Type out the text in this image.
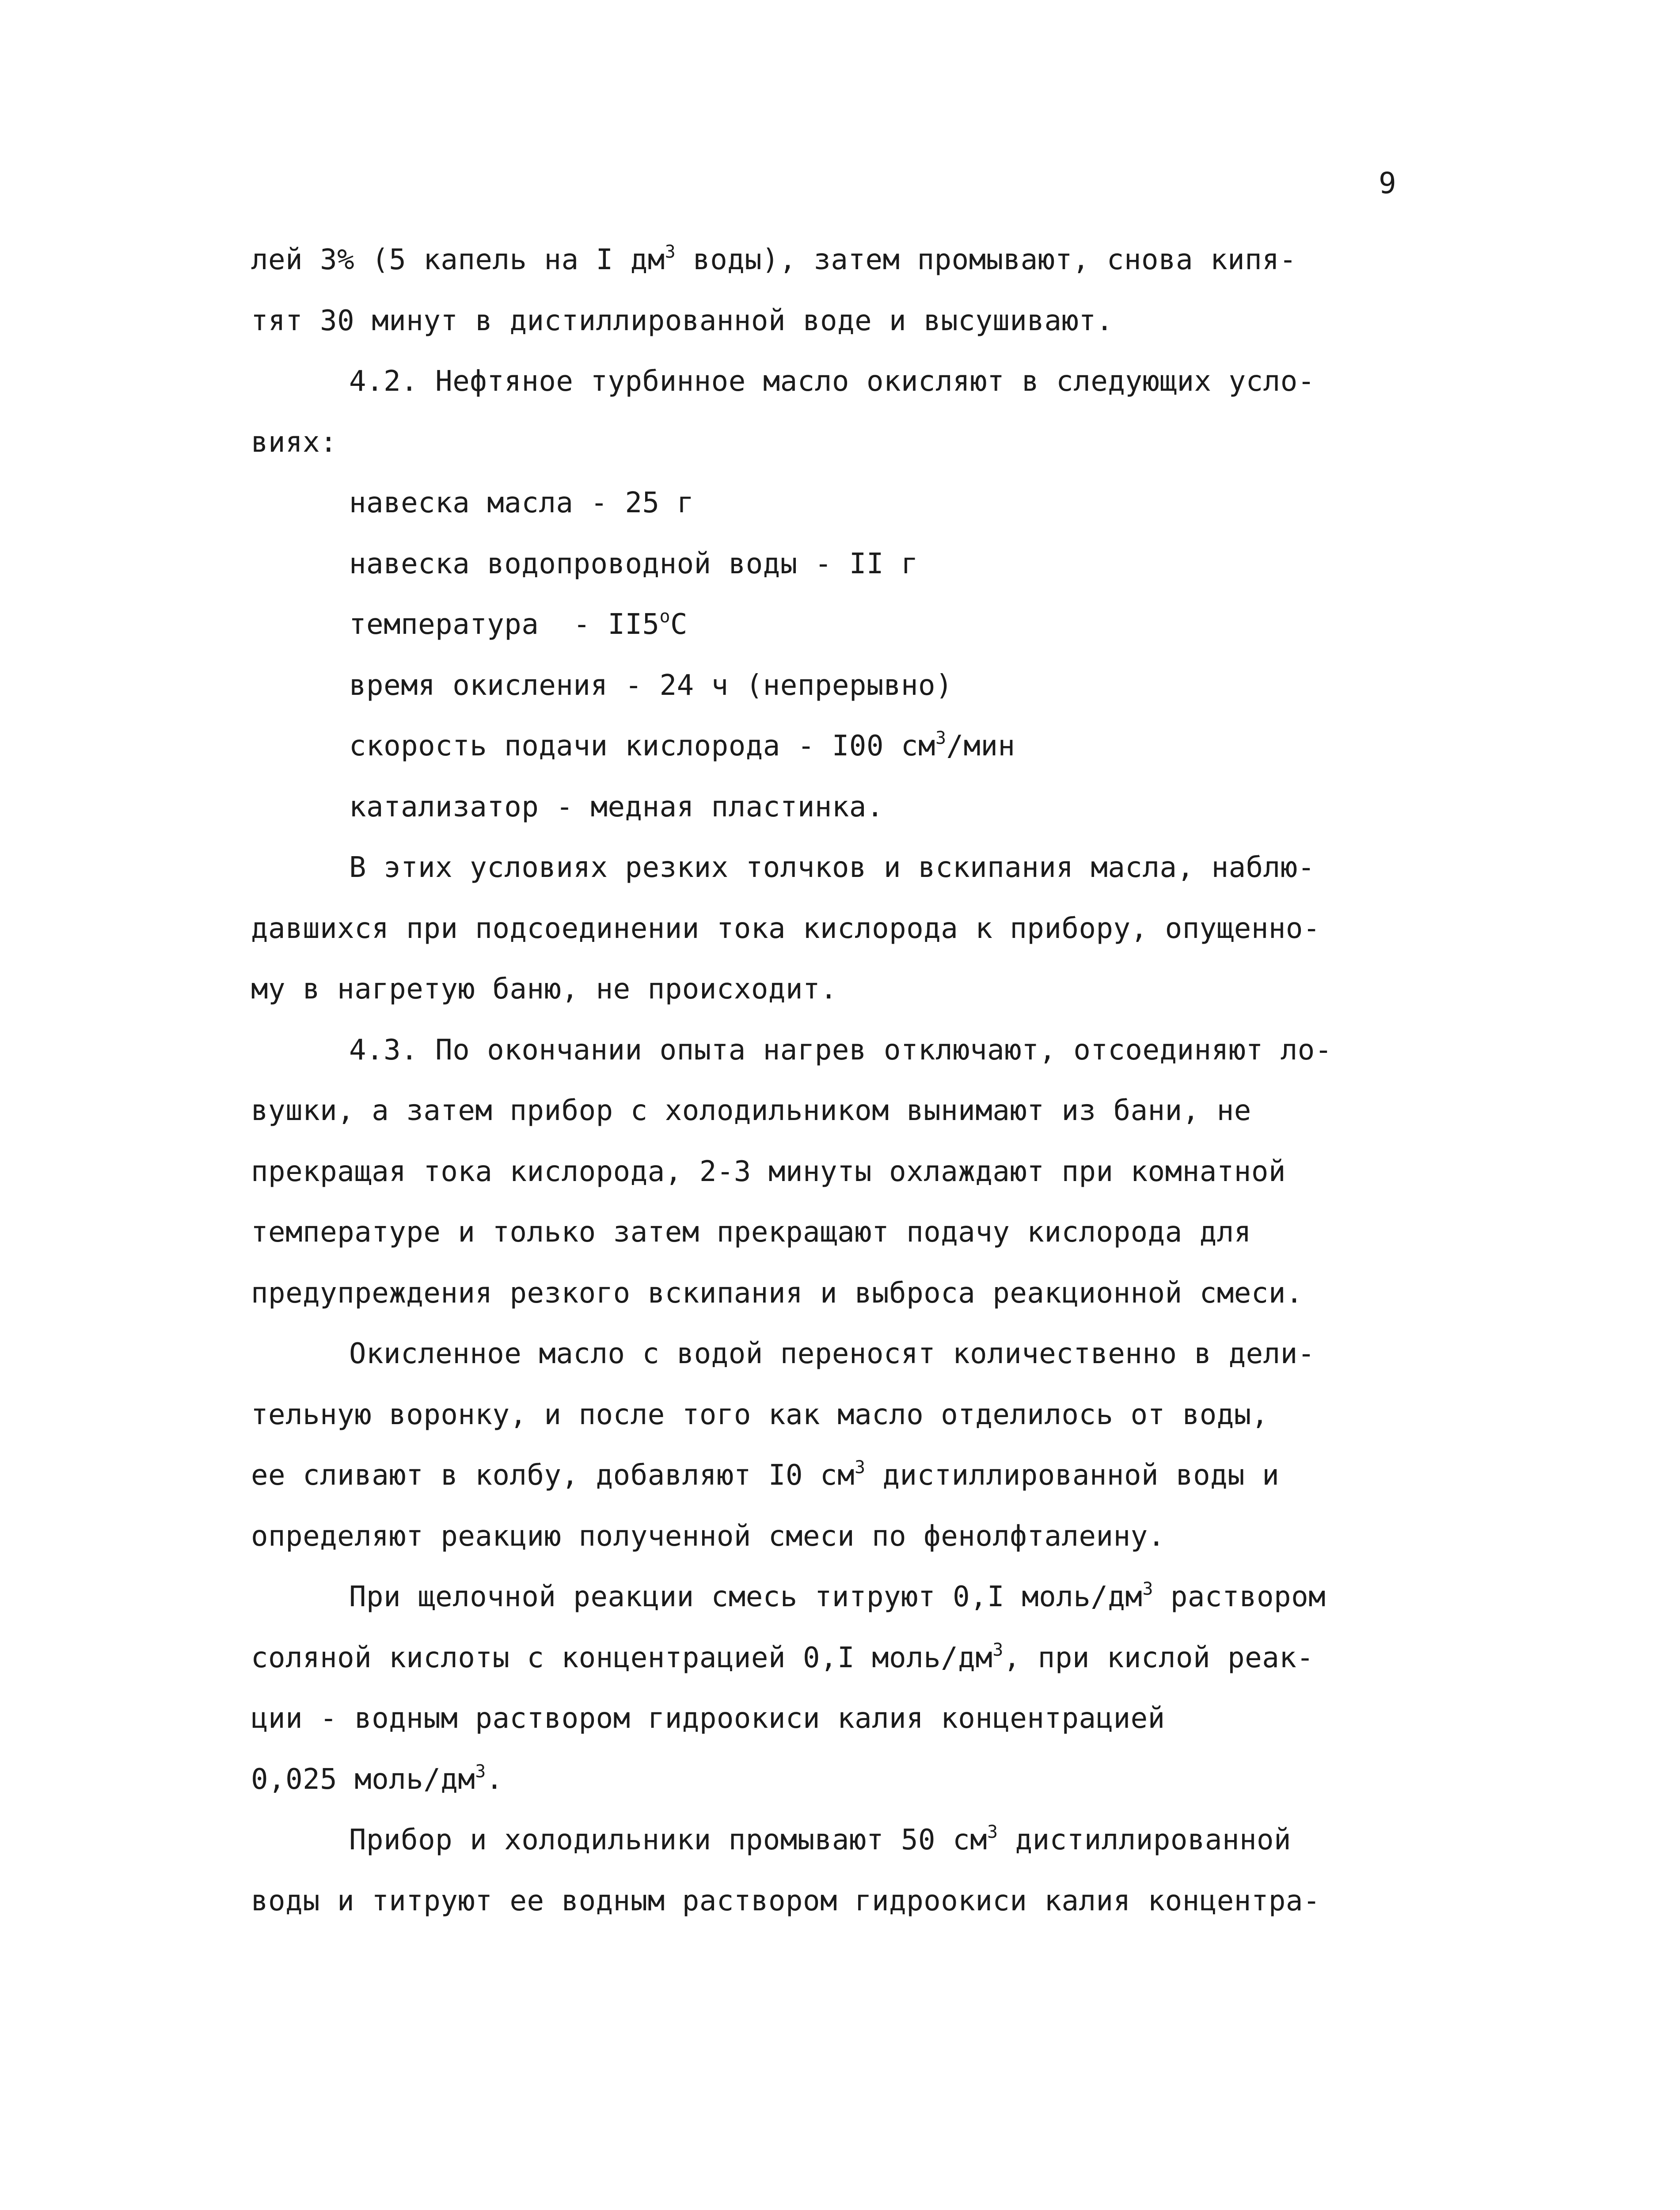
9
лей 3% (5 капель на I $дм^3$ воды), затем промывают, снова кипя-
тят 30 минут в дистиллированной воде и высушивают.
4.2. Нефтяное турбинное масло окисляют в следующих усло-
виях:
навеска масла - 25 г
навеска водопроводной воды - II г
температура  - $II5^оС$
время окисления - 24 ч (непрерывно)
скорость подачи кислорода - I00 $см^3$/мин
катализатор - медная пластинка.
В этих условиях резких толчков и вскипания масла, наблю-
давшихся при подсоединении тока кислорода к прибору, опущенно-
му в нагретую баню, не происходит.
4.3. По окончании опыта нагрев отключают, отсоединяют ло-
вушки, а затем прибор с холодильником вынимают из бани, не
прекращая тока кислорода, 2-3 минуты охлаждают при комнатной
температуре и только затем прекращают подачу кислорода для
предупреждения резкого вскипания и выброса реакционной смеси.
Окисленное масло с водой переносят количественно в дели-
тельную воронку, и после того как масло отделилось от воды,
ее сливают в колбу, добавляют I0 $см^3$ дистиллированной воды и
определяют реакцию полученной смеси по фенолфталеину.
При щелочной реакции смесь титруют 0,I моль/$дм^3$ раствором
соляной кислоты с концентрацией 0,I моль/$дм^3$, при кислой реак-
ции - водным раствором гидроокиси калия концентрацией
0,025 моль/$дм^3$.
Прибор и холодильники промывают 50 $см^3$ дистиллированной
воды и титруют ее водным раствором гидроокиси калия концентра-
